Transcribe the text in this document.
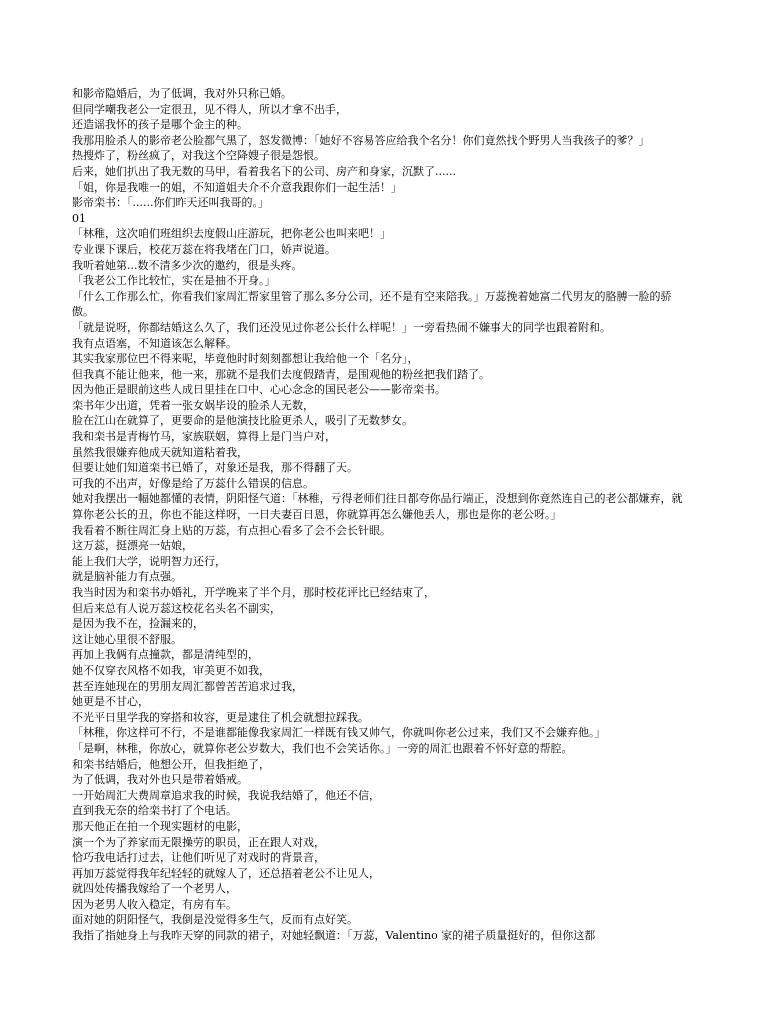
和影帝隐婚后，为了低调，我对外只称已婚。
但同学嘲我老公一定很丑，见不得人，所以才拿不出手，
还造谣我怀的孩子是哪个金主的种。
我那用脸杀人的影帝老公脸都气黑了，怒发微博：「她好不容易答应给我个名分！你们竟然找个野男人当我孩子的爹？」
热搜炸了，粉丝疯了，对我这个空降嫂子很是怨恨。
后来，她们扒出了我无数的马甲，看着我名下的公司、房产和身家，沉默了......
「姐，你是我唯一的姐，不知道姐夫介不介意我跟你们一起生活！」
影帝栾书：「......你们昨天还叫我哥的。」
01
「林稚，这次咱们班组织去度假山庄游玩，把你老公也叫来吧！」
专业课下课后，校花万蕊在将我堵在门口，娇声说道。
我听着她第...数不清多少次的邀约，很是头疼。
「我老公工作比较忙，实在是抽不开身。」
「什么工作那么忙，你看我们家周汇帮家里管了那么多分公司，还不是有空来陪我。」万蕊挽着她富二代男友的胳膊一脸的骄傲。
「就是说呀，你都结婚这么久了，我们还没见过你老公长什么样呢！」一旁看热闹不嫌事大的同学也跟着附和。
我有点语塞，不知道该怎么解释。
其实我家那位巴不得来呢，毕竟他时时刻刻都想让我给他一个「名分」，
但我真不能让他来，他一来，那就不是我们去度假踏青，是围观他的粉丝把我们踏了。
因为他正是眼前这些人成日里挂在口中、心心念念的国民老公——影帝栾书。
栾书年少出道，凭着一张女娲毕设的脸杀人无数，
脸在江山在就算了，更要命的是他演技比脸更杀人，吸引了无数梦女。
我和栾书是青梅竹马，家族联姻，算得上是门当户对，
虽然我很嫌弃他成天就知道粘着我，
但要让她们知道栾书已婚了，对象还是我，那不得翻了天。
可我的不出声，好像是给了万蕊什么错误的信息。
她对我摆出一幅她都懂的表情，阴阳怪气道：「林稚，亏得老师们往日都夸你品行端正，没想到你竟然连自己的老公都嫌弃，就算你老公长的丑，你也不能这样呀，一日夫妻百日恩，你就算再怎么嫌他丢人，那也是你的老公呀。」
我看着不断往周汇身上贴的万蕊，有点担心看多了会不会长针眼。
这万蕊，挺漂亮一姑娘，
能上我们大学，说明智力还行，
就是脑补能力有点强。
我当时因为和栾书办婚礼，开学晚来了半个月，那时校花评比已经结束了，
但后来总有人说万蕊这校花名头名不副实，
是因为我不在，捡漏来的，
这让她心里很不舒服。
再加上我俩有点撞款，都是清纯型的，
她不仅穿衣风格不如我，审美更不如我，
甚至连她现在的男朋友周汇都曾苦苦追求过我，
她更是不甘心，
不光平日里学我的穿搭和妆容，更是逮住了机会就想拉踩我。
「林稚，你这样可不行，不是谁都能像我家周汇一样既有钱又帅气，你就叫你老公过来，我们又不会嫌弃他。」
「是啊，林稚，你放心，就算你老公岁数大，我们也不会笑话你。」一旁的周汇也跟着不怀好意的帮腔。
和栾书结婚后，他想公开，但我拒绝了，
为了低调，我对外也只是带着婚戒。
一开始周汇大费周章追求我的时候，我说我结婚了，他还不信，
直到我无奈的给栾书打了个电话。
那天他正在拍一个现实题材的电影，
演一个为了养家而无限操劳的职员，正在跟人对戏，
恰巧我电话打过去，让他们听见了对戏时的背景音，
再加万蕊觉得我年纪轻轻的就嫁人了，还总捂着老公不让见人，
就四处传播我嫁给了一个老男人，
因为老男人收入稳定，有房有车。
面对她的阴阳怪气，我倒是没觉得多生气，反而有点好笑。
我指了指她身上与我昨天穿的同款的裙子，对她轻飘道：「万蕊，Valentino 家的裙子质量挺好的，但你这都
